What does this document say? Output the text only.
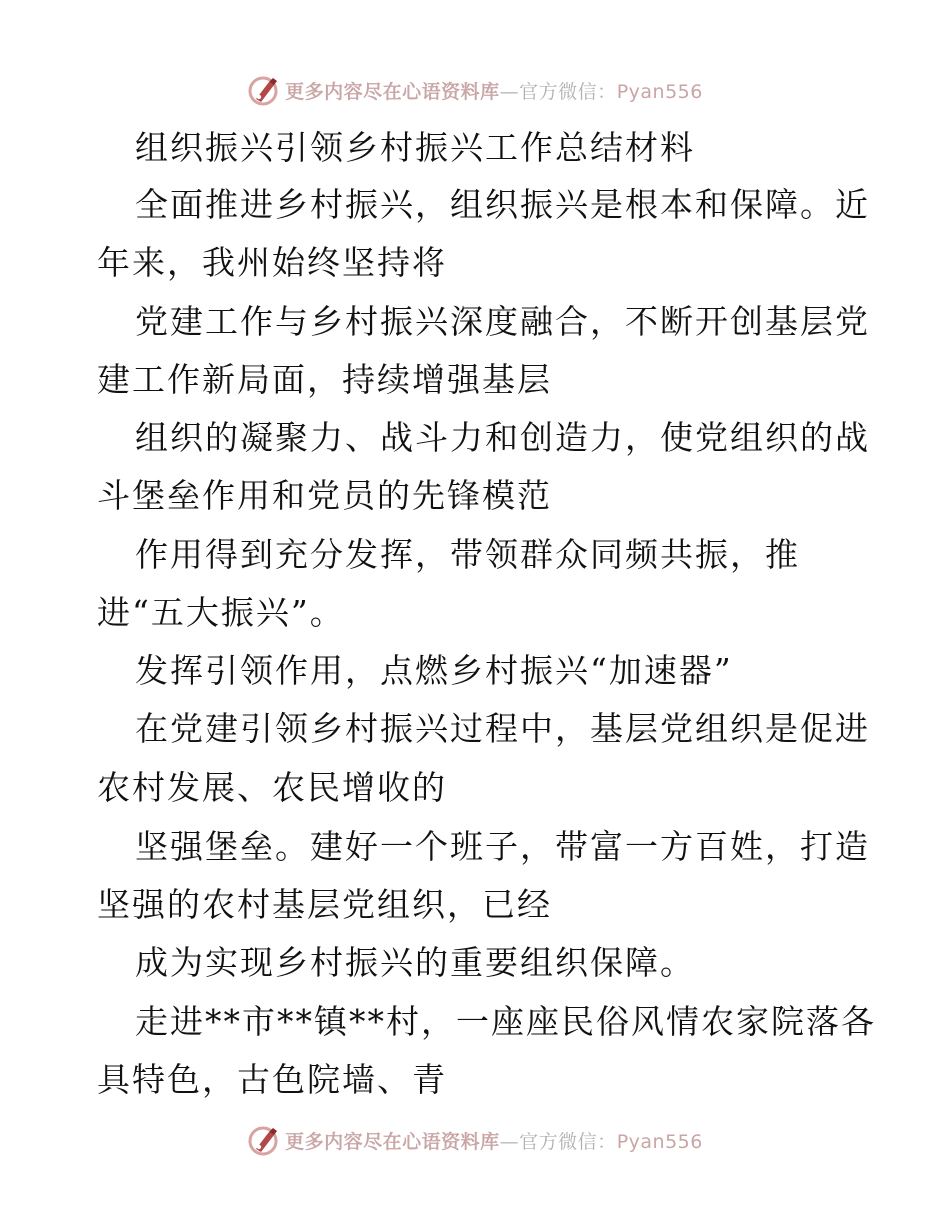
更多内容尽在心语资料库—官方微信：Pyan556
组织振兴引领乡村振兴工作总结材料
全面推进乡村振兴，组织振兴是根本和保障。近
年来，我州始终坚持将
党建工作与乡村振兴深度融合，不断开创基层党
建工作新局面，持续增强基层
组织的凝聚力、战斗力和创造力，使党组织的战
斗堡垒作用和党员的先锋模范
作用得到充分发挥，带领群众同频共振，推
进“五大振兴”。
发挥引领作用，点燃乡村振兴“加速器”
在党建引领乡村振兴过程中，基层党组织是促进
农村发展、农民增收的
坚强堡垒。建好一个班子，带富一方百姓，打造
坚强的农村基层党组织，已经
成为实现乡村振兴的重要组织保障。
走进**市**镇**村，一座座民俗风情农家院落各
具特色，古色院墙、青
更多内容尽在心语资料库—官方微信：Pyan556
